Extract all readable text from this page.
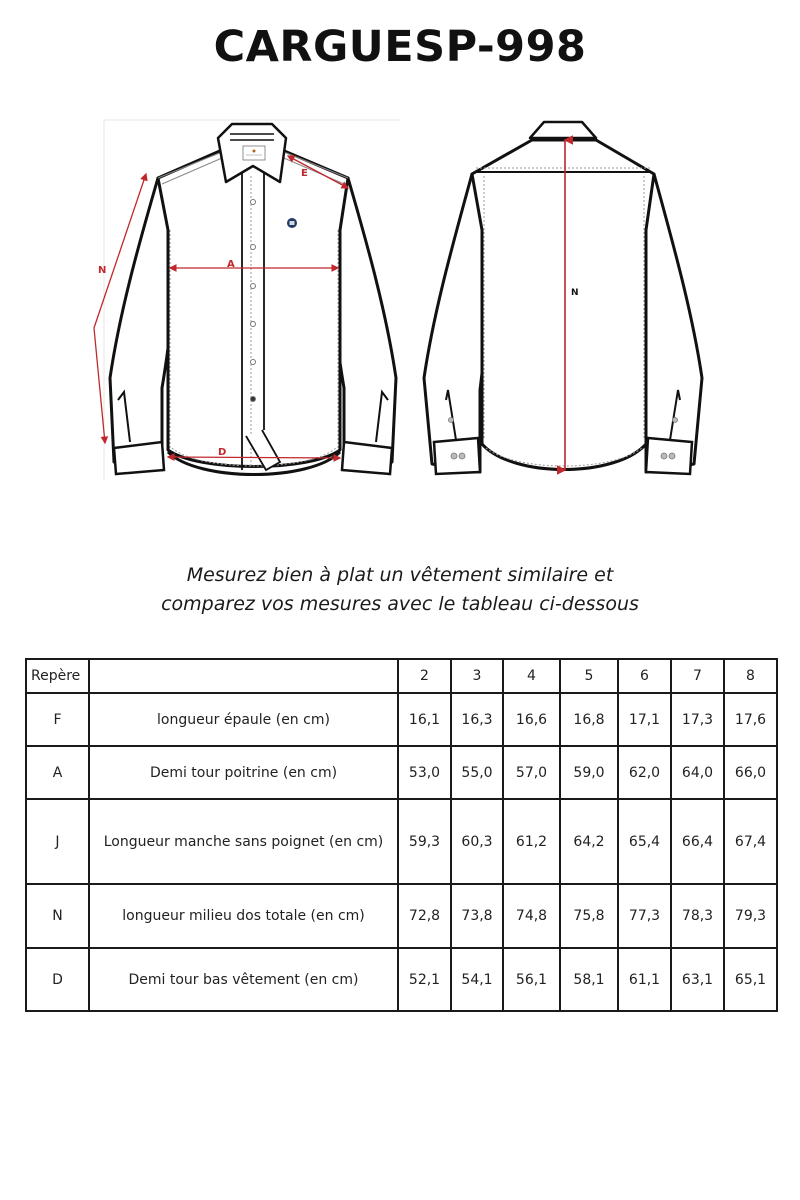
CARGUESP-998
E
A
D
N
N
Mesurez bien à plat un vêtement similaire et
comparez vos mesures avec le tableau ci-dessous
Repère		2	3	4	5	6	7	8
F	longueur épaule (en cm)	16,1	16,3	16,6	16,8	17,1	17,3	17,6
A	Demi tour poitrine (en cm)	53,0	55,0	57,0	59,0	62,0	64,0	66,0
J	Longueur manche sans poignet (en cm)	59,3	60,3	61,2	64,2	65,4	66,4	67,4
N	longueur milieu dos totale (en cm)	72,8	73,8	74,8	75,8	77,3	78,3	79,3
D	Demi tour bas vêtement (en cm)	52,1	54,1	56,1	58,1	61,1	63,1	65,1
